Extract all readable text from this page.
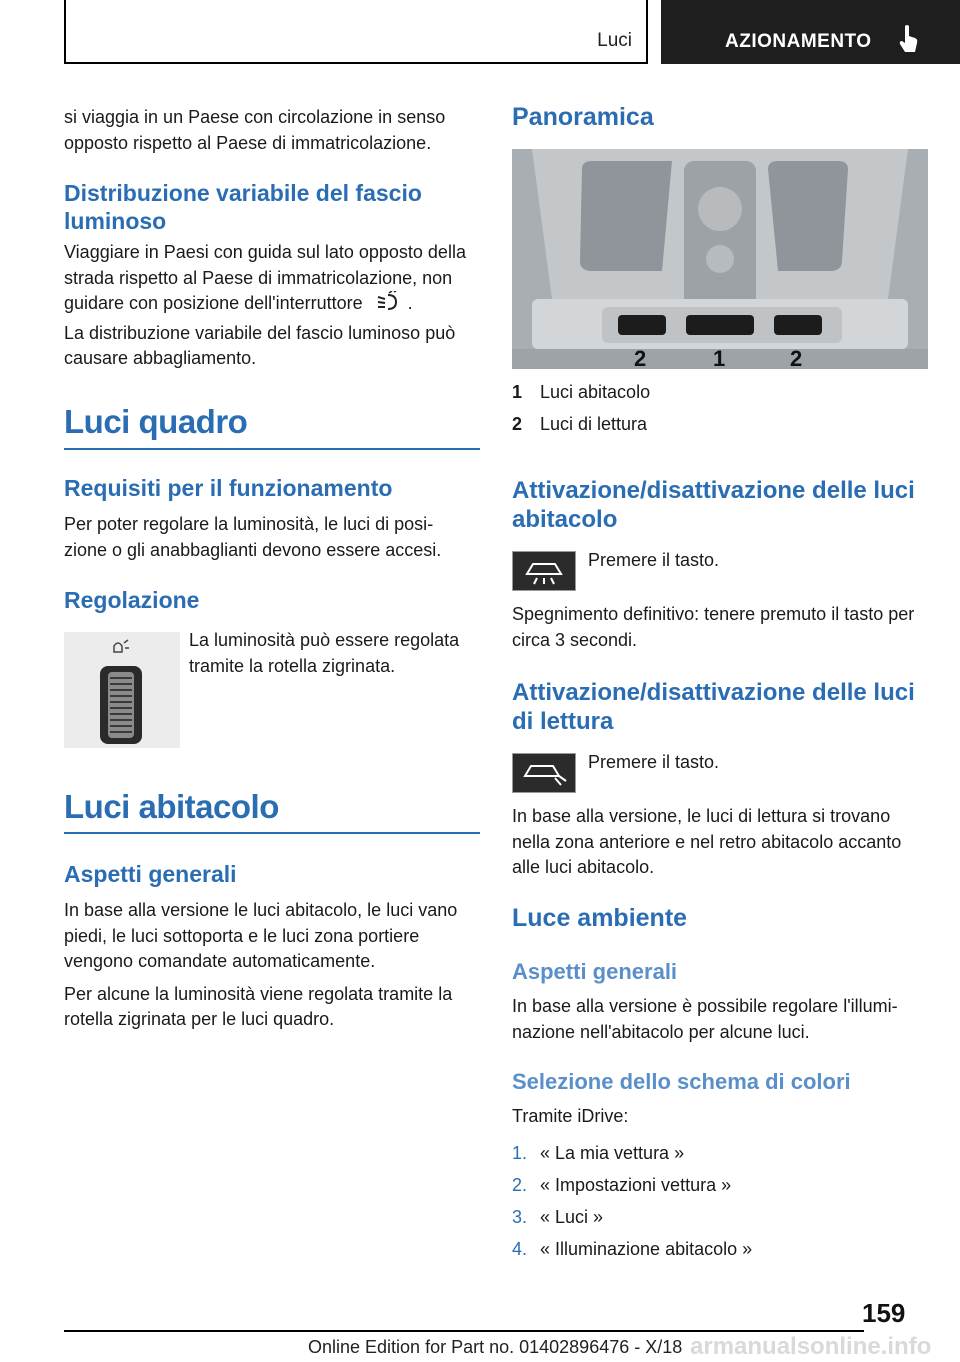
Luci	AZIONAMENTO

si viaggia in un Paese con circolazione in senso opposto rispetto al Paese di immatricolazione.

Distribuzione variabile del fascio luminoso

Viaggiare in Paesi con guida sul lato opposto della strada rispetto al Paese di immatricolazione, non guidare con posizione dell'interruttore	.
La distribuzione variabile del fascio luminoso può causare abbagliamento.

Luci quadro
Requisiti per il funzionamento

Per poter regolare la luminosità, le luci di posizione o gli anabbaglianti devono essere accesi.

Regolazione

La luminosità può essere regolata tramite la rotella zigrinata.

Luci abitacolo
Aspetti generali

In base alla versione le luci abitacolo, le luci vano piedi, le luci sottoporta e le luci zona portiere vengono comandate automaticamente.

Per alcune la luminosità viene regolata tramite la rotella zigrinata per le luci quadro.

Panoramica
2	1	2
1 Luci abitacolo
2 Luci di lettura
Attivazione/disattivazione delle luci abitacolo

Premere il tasto.

Spegnimento definitivo: tenere premuto il tasto per circa 3 secondi.

Attivazione/disattivazione delle luci di lettura

Premere il tasto.

In base alla versione, le luci di lettura si trovano nella zona anteriore e nel retro abitacolo accanto alle luci abitacolo.

Luce ambiente
Aspetti generali

In base alla versione è possibile regolare l'illuminazione nell'abitacolo per alcune luci.

Selezione dello schema di colori

Tramite iDrive:

1. « La mia vettura »
2. « Impostazioni vettura »
3. « Luci »
4. « Illuminazione abitacolo »
159
Online Edition for Part no. 01402896476 - X/18 armanualsonline.info
